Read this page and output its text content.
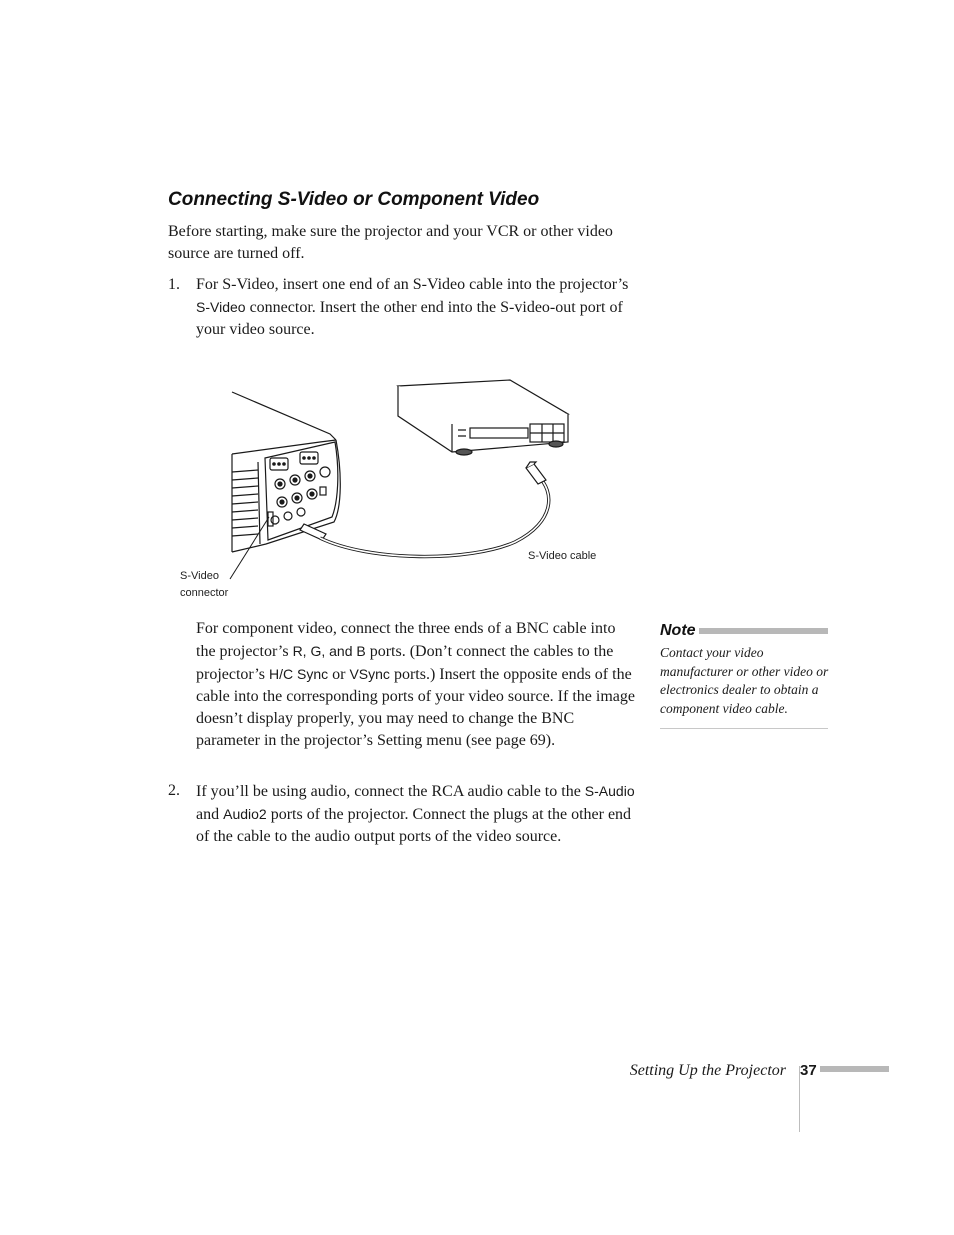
Connecting S-Video or Component Video
Before starting, make sure the projector and your VCR or other video source are turned off.
1. For S-Video, insert one end of an S-Video cable into the projector’s S-Video connector. Insert the other end into the S-video-out port of your video source.
S-Video cable
S-Video
connector
For component video, connect the three ends of a BNC cable into the projector’s R, G, and B ports. (Don’t connect the cables to the projector’s H/C Sync or VSync ports.) Insert the opposite ends of the cable into the corresponding ports of your video source. If the image doesn’t display properly, you may need to change the BNC parameter in the projector’s Setting menu (see page 69).
2. If you’ll be using audio, connect the RCA audio cable to the S-Audio and Audio2 ports of the projector. Connect the plugs at the other end of the cable to the audio output ports of the video source.
Note
Contact your video manufacturer or other video or electronics dealer to obtain a component video cable.
Setting Up the Projector 37
